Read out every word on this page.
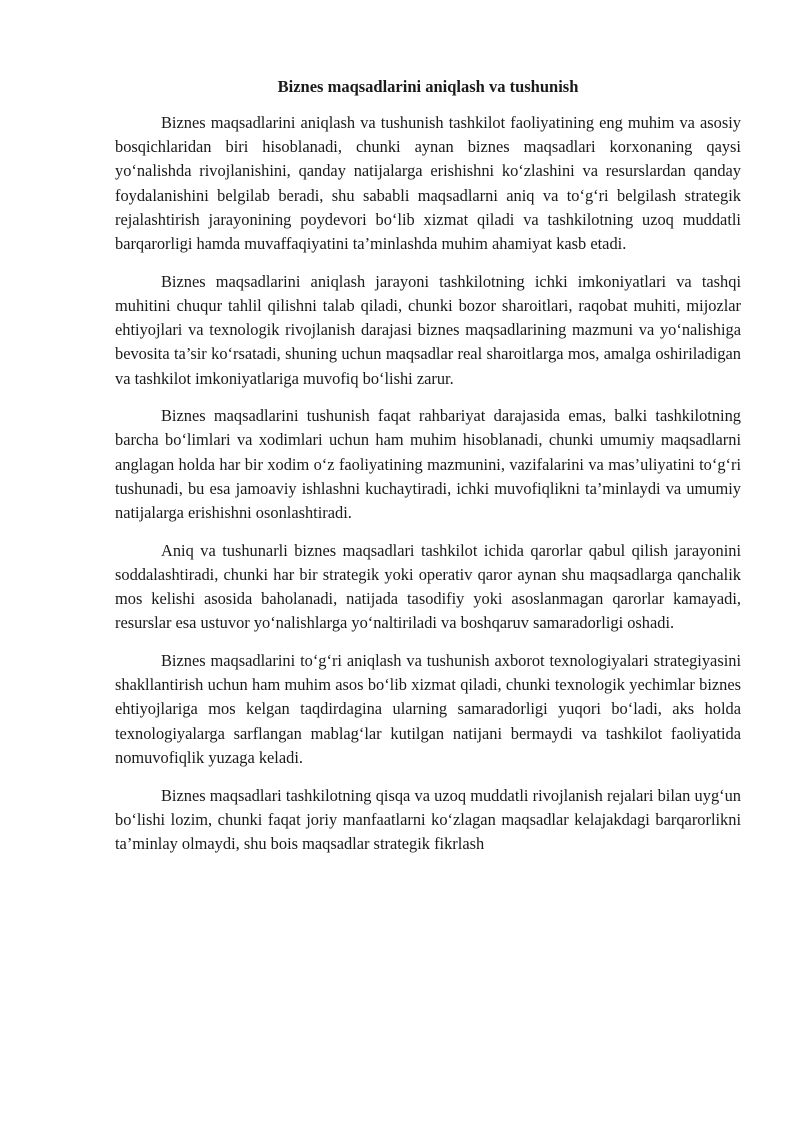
Biznes maqsadlarini aniqlash va tushunish

Biznes maqsadlarini aniqlash va tushunish tashkilot faoliyatining eng muhim va asosiy bosqichlaridan biri hisoblanadi, chunki aynan biznes maqsadlari korxonaning qaysi yo‘nalishda rivojlanishini, qanday natijalarga erishishni ko‘zlashini va resurslardan qanday foydalanishini belgilab beradi, shu sababli maqsadlarni aniq va to‘g‘ri belgilash strategik rejalashtirish jarayonining poydevori bo‘lib xizmat qiladi va tashkilotning uzoq muddatli barqarorligi hamda muvaffaqiyatini ta’minlashda muhim ahamiyat kasb etadi.

Biznes maqsadlarini aniqlash jarayoni tashkilotning ichki imkoniyatlari va tashqi muhitini chuqur tahlil qilishni talab qiladi, chunki bozor sharoitlari, raqobat muhiti, mijozlar ehtiyojlari va texnologik rivojlanish darajasi biznes maqsadlarining mazmuni va yo‘nalishiga bevosita ta’sir ko‘rsatadi, shuning uchun maqsadlar real sharoitlarga mos, amalga oshiriladigan va tashkilot imkoniyatlariga muvofiq bo‘lishi zarur.

Biznes maqsadlarini tushunish faqat rahbariyat darajasida emas, balki tashkilotning barcha bo‘limlari va xodimlari uchun ham muhim hisoblanadi, chunki umumiy maqsadlarni anglagan holda har bir xodim o‘z faoliyatining mazmunini, vazifalarini va mas’uliyatini to‘g‘ri tushunadi, bu esa jamoaviy ishlashni kuchaytiradi, ichki muvofiqlikni ta’minlaydi va umumiy natijalarga erishishni osonlashtiradi.

Aniq va tushunarli biznes maqsadlari tashkilot ichida qarorlar qabul qilish jarayonini soddalashtiradi, chunki har bir strategik yoki operativ qaror aynan shu maqsadlarga qanchalik mos kelishi asosida baholanadi, natijada tasodifiy yoki asoslanmagan qarorlar kamayadi, resurslar esa ustuvor yo‘nalishlarga yo‘naltiriladi va boshqaruv samaradorligi oshadi.

Biznes maqsadlarini to‘g‘ri aniqlash va tushunish axborot texnologiyalari strategiyasini shakllantirish uchun ham muhim asos bo‘lib xizmat qiladi, chunki texnologik yechimlar biznes ehtiyojlariga mos kelgan taqdirdagina ularning samaradorligi yuqori bo‘ladi, aks holda texnologiyalarga sarflangan mablag‘lar kutilgan natijani bermaydi va tashkilot faoliyatida nomuvofiqlik yuzaga keladi.

Biznes maqsadlari tashkilotning qisqa va uzoq muddatli rivojlanish rejalari bilan uyg‘un bo‘lishi lozim, chunki faqat joriy manfaatlarni ko‘zlagan maqsadlar kelajakdagi barqarorlikni ta’minlay olmaydi, shu bois maqsadlar strategik fikrlash
